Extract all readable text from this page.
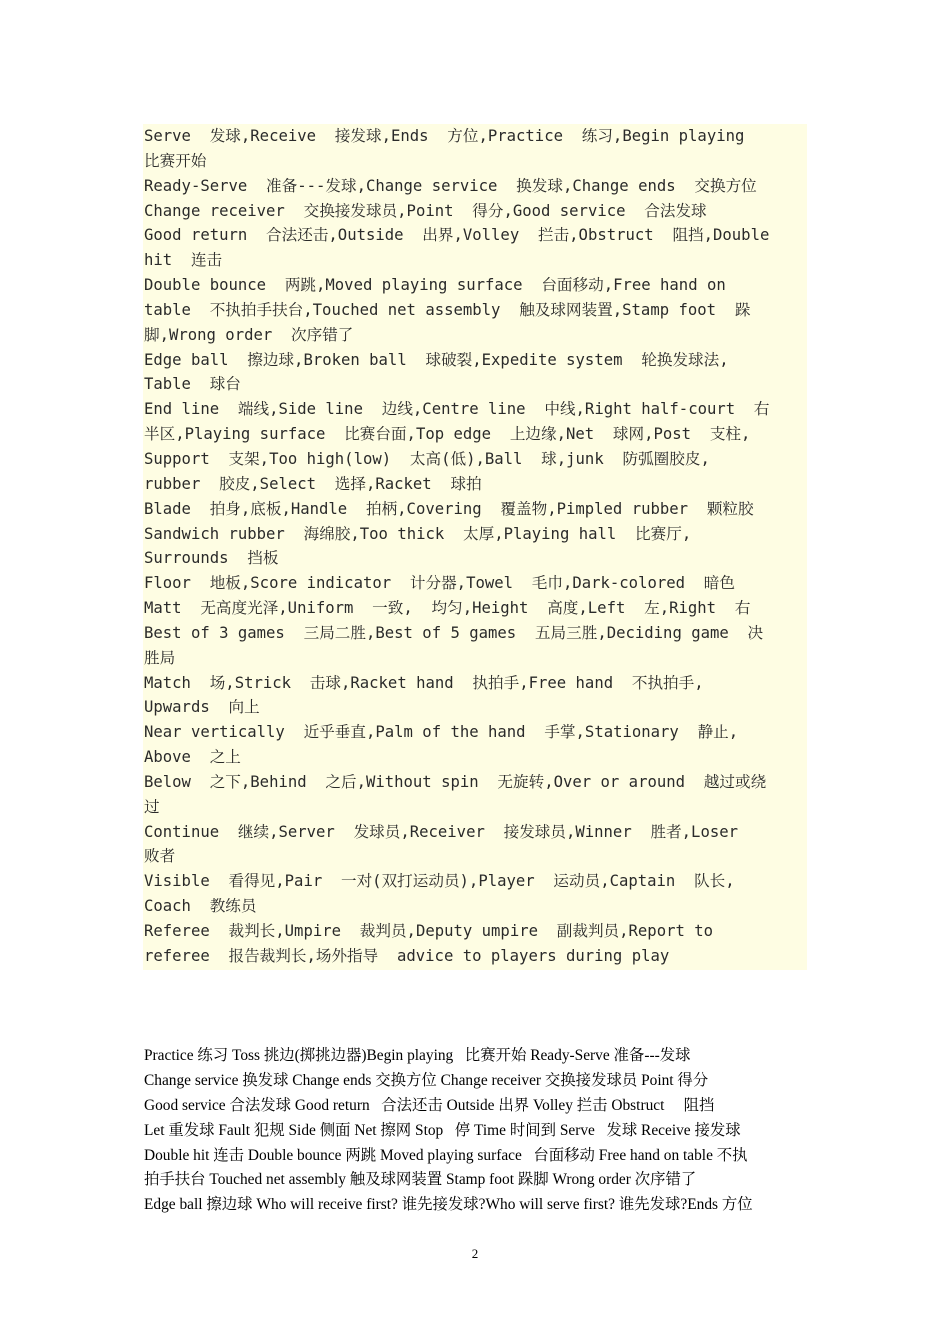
Serve  发球,Receive  接发球,Ends  方位,Practice  练习,Begin playing

比赛开始

Ready-Serve  准备---发球,Change service  换发球,Change ends  交换方位

Change receiver  交换接发球员,Point  得分,Good service  合法发球

Good return  合法还击,Outside  出界,Volley  拦击,Obstruct  阻挡,Double

hit  连击

Double bounce  两跳,Moved playing surface  台面移动,Free hand on

table  不执拍手扶台,Touched net assembly  触及球网装置,Stamp foot  跺

脚,Wrong order  次序错了

Edge ball  擦边球,Broken ball  球破裂,Expedite system  轮换发球法,

Table  球台

End line  端线,Side line  边线,Centre line  中线,Right half-court  右

半区,Playing surface  比赛台面,Top edge  上边缘,Net  球网,Post  支柱,

Support  支架,Too high(low)  太高(低),Ball  球,junk  防弧圈胶皮,

rubber  胶皮,Select  选择,Racket  球拍

Blade  拍身,底板,Handle  拍柄,Covering  覆盖物,Pimpled rubber  颗粒胶

Sandwich rubber  海绵胶,Too thick  太厚,Playing hall  比赛厅,

Surrounds  挡板

Floor  地板,Score indicator  计分器,Towel  毛巾,Dark-colored  暗色

Matt  无高度光泽,Uniform  一致,  均匀,Height  高度,Left  左,Right  右

Best of 3 games  三局二胜,Best of 5 games  五局三胜,Deciding game  决

胜局

Match  场,Strick  击球,Racket hand  执拍手,Free hand  不执拍手,

Upwards  向上

Near vertically  近乎垂直,Palm of the hand  手掌,Stationary  静止,

Above  之上

Below  之下,Behind  之后,Without spin  无旋转,Over or around  越过或绕

过

Continue  继续,Server  发球员,Receiver  接发球员,Winner  胜者,Loser

败者

Visible  看得见,Pair  一对(双打运动员),Player  运动员,Captain  队长,

Coach  教练员

Referee  裁判长,Umpire  裁判员,Deputy umpire  副裁判员,Report to

referee  报告裁判长,场外指导  advice to players during play

Practice 练习 Toss 挑边(掷挑边器)Begin playing   比赛开始 Ready-Serve 准备---发球

Change service 换发球 Change ends 交换方位 Change receiver 交换接发球员 Point 得分

Good service 合法发球 Good return   合法还击 Outside 出界 Volley 拦击 Obstruct     阻挡

Let 重发球 Fault 犯规 Side 侧面 Net 擦网 Stop   停 Time 时间到 Serve   发球 Receive 接发球

Double hit 连击 Double bounce 两跳 Moved playing surface   台面移动 Free hand on table 不执

拍手扶台 Touched net assembly 触及球网装置 Stamp foot 跺脚 Wrong order 次序错了

Edge ball 擦边球 Who will receive first? 谁先接发球?Who will serve first? 谁先发球?Ends 方位

2
